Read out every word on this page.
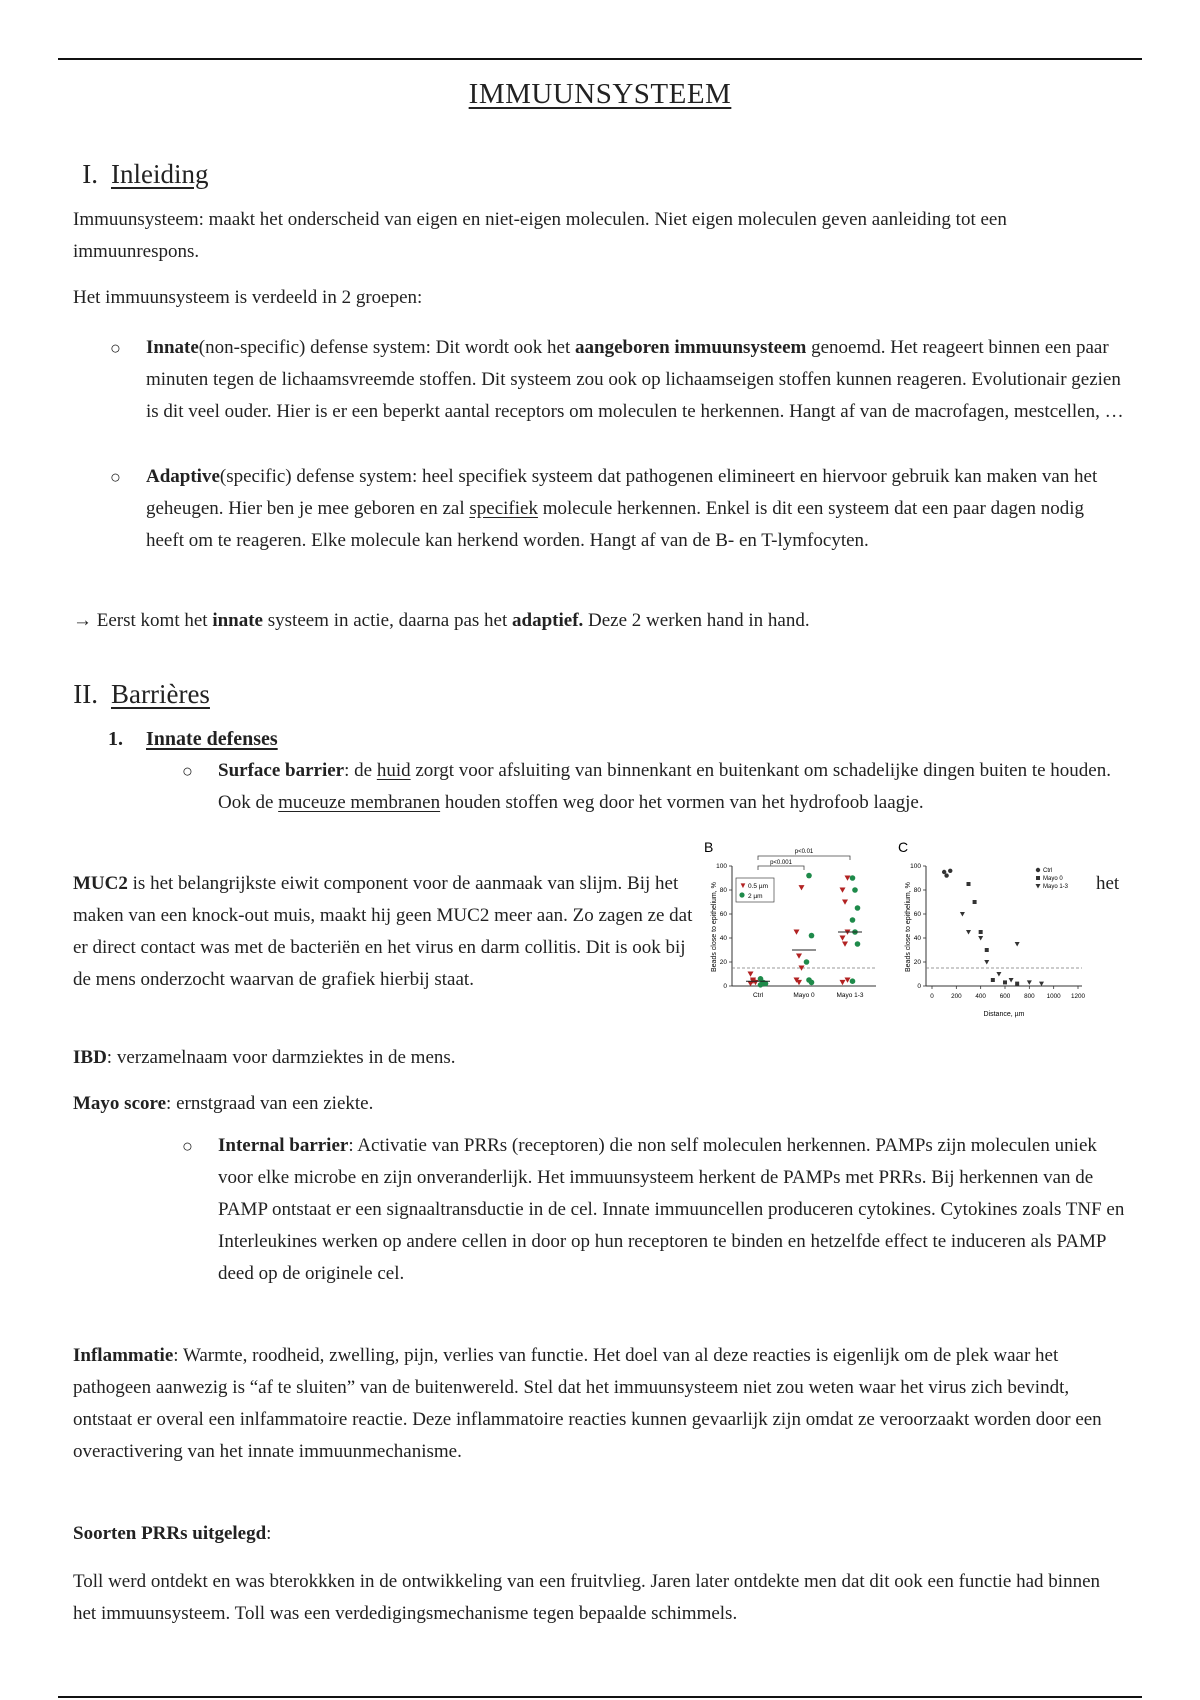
IMMUUNSYSTEEM
I. Inleiding

Immuunsysteem: maakt het onderscheid van eigen en niet-eigen moleculen. Niet eigen moleculen geven aanleiding tot een immuunrespons.

Het immuunsysteem is verdeeld in 2 groepen:

○ Innate(non-specific) defense system: Dit wordt ook het aangeboren immuunsysteem genoemd. Het reageert binnen een paar minuten tegen de lichaamsvreemde stoffen. Dit systeem zou ook op lichaamseigen stoffen kunnen reageren. Evolutionair gezien is dit veel ouder. Hier is er een beperkt aantal receptors om moleculen te herkennen. Hangt af van de macrofagen, mestcellen, …

○ Adaptive(specific) defense system: heel specifiek systeem dat pathogenen elimineert en hiervoor gebruik kan maken van het geheugen. Hier ben je mee geboren en zal specifiek molecule herkennen. Enkel is dit een systeem dat een paar dagen nodig heeft om te reageren. Elke molecule kan herkend worden. Hangt af van de B- en T-lymfocyten.

→ Eerst komt het innate systeem in actie, daarna pas het adaptief. Deze 2 werken hand in hand.

II. Barrières
1. Innate defenses

○ Surface barrier: de huid zorgt voor afsluiting van binnenkant en buitenkant om schadelijke dingen buiten te houden. Ook de muceuze membranen houden stoffen weg door het vormen van het hydrofoob laagje.

MUC2 is het belangrijkste eiwit component voor de aanmaak van slijm. Bij het maken van een knock-out muis, maakt hij geen MUC2 meer aan. Zo zagen ze dat er direct contact was met de bacteriën en het virus en darm collitis. Dit is ook bij de mens onderzocht waarvan de grafiek hierbij staat.

het
B
Beads close to epithelium, %
0
20
40
60
80
100
p<0.01
p<0.001
▼ 0.5 µm
2 µm
Ctrl	Mayo 0	Mayo 1-3
C
Beads close to epithelium, %
0
20
40
60
80
100
Ctrl
Mayo 0
Mayo 1-3
0	200 400 600 800 1000 1200
Distance, µm

IBD: verzamelnaam voor darmziektes in de mens.

Mayo score: ernstgraad van een ziekte.

○ Internal barrier: Activatie van PRRs (receptoren) die non self moleculen herkennen. PAMPs zijn moleculen uniek voor elke microbe en zijn onveranderlijk. Het immuunsysteem herkent de PAMPs met PRRs. Bij herkennen van de PAMP ontstaat er een signaaltransductie in de cel. Innate immuuncellen produceren cytokines. Cytokines zoals TNF en Interleukines werken op andere cellen in door op hun receptoren te binden en hetzelfde effect te induceren als PAMP deed op de originele cel.

Inflammatie: Warmte, roodheid, zwelling, pijn, verlies van functie. Het doel van al deze reacties is eigenlijk om de plek waar het pathogeen aanwezig is “af te sluiten” van de buitenwereld. Stel dat het immuunsysteem niet zou weten waar het virus zich bevindt, ontstaat er overal een inlfammatoire reactie. Deze inflammatoire reacties kunnen gevaarlijk zijn omdat ze veroorzaakt worden door een overactivering van het innate immuunmechanisme.

Soorten PRRs uitgelegd:

Toll werd ontdekt en was bterokkken in de ontwikkeling van een fruitvlieg. Jaren later ontdekte men dat dit ook een functie had binnen het immuunsysteem. Toll was een verdedigingsmechanisme tegen bepaalde schimmels.
